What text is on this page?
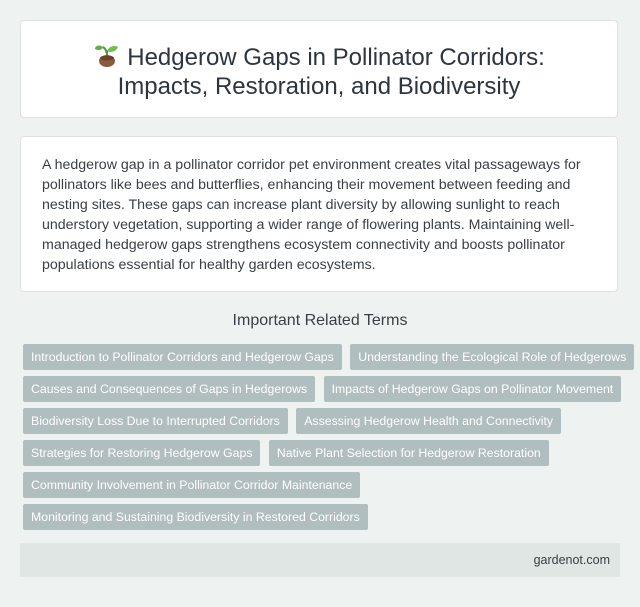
Hedgerow Gaps in Pollinator Corridors:
Impacts, Restoration, and Biodiversity

A hedgerow gap in a pollinator corridor pet environment creates vital passageways for pollinators like bees and butterflies, enhancing their movement between feeding and nesting sites. These gaps can increase plant diversity by allowing sunlight to reach understory vegetation, supporting a wider range of flowering plants. Maintaining well-managed hedgerow gaps strengthens ecosystem connectivity and boosts pollinator populations essential for healthy garden ecosystems.

Important Related Terms
Introduction to Pollinator Corridors and Hedgerow Gaps Understanding the Ecological Role of Hedgerows
Causes and Consequences of Gaps in Hedgerows Impacts of Hedgerow Gaps on Pollinator Movement
Biodiversity Loss Due to Interrupted Corridors Assessing Hedgerow Health and Connectivity
Strategies for Restoring Hedgerow Gaps Native Plant Selection for Hedgerow Restoration
Community Involvement in Pollinator Corridor Maintenance
Monitoring and Sustaining Biodiversity in Restored Corridors
gardenot.com
